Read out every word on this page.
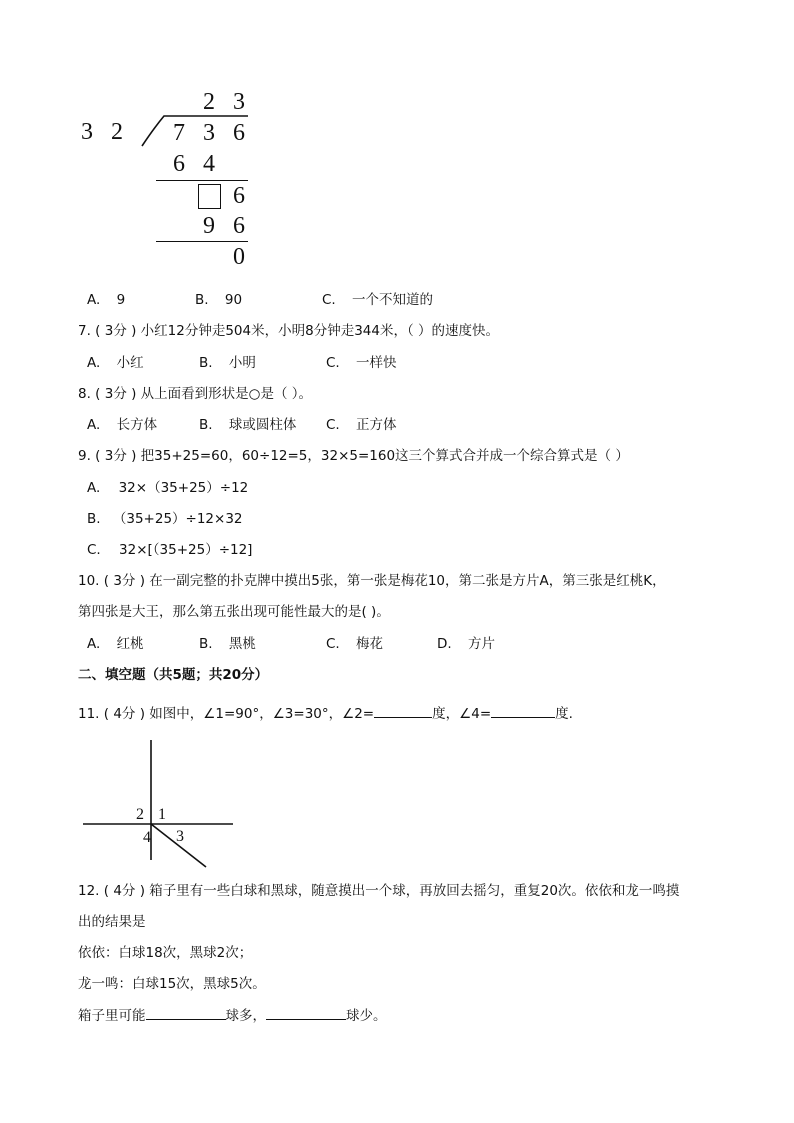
2 3
3 2	7 3 6
6 4
6
9 6
0
A. 9	B. 90	C. 一个不知道的
7. ( 3分 ) 小红12分钟走504米，小明8分钟走344米，（ ）的速度快。
A. 小红	B. 小明	C. 一样快
8. ( 3分 ) 从上面看到形状是○是（ ）。
A. 长方体	B. 球或圆柱体 C. 正方体
9. ( 3分 ) 把35+25=60，60÷12=5，32×5=160这三个算式合并成一个综合算式是（ ）
A. 32×（35+25）÷12
B. （35+25）÷12×32
C. 32×[（35+25）÷12]
10. ( 3分 ) 在一副完整的扑克牌中摸出5张，第一张是梅花10，第二张是方片A，第三张是红桃K，
第四张是大王，那么第五张出现可能性最大的是( )。
A. 红桃	B. 黑桃	C. 梅花	D. 方片
二、填空题（共5题；共20分）
11. ( 4分 ) 如图中，∠1=90°，∠3=30°，∠2=	度，∠4=	度.
2 1
4 3
12. ( 4分 ) 箱子里有一些白球和黑球，随意摸出一个球，再放回去摇匀，重复20次。依依和龙一鸣摸
出的结果是
依依：白球18次，黑球2次；
龙一鸣：白球15次，黑球5次。
箱子里可能	球多，	球少。
